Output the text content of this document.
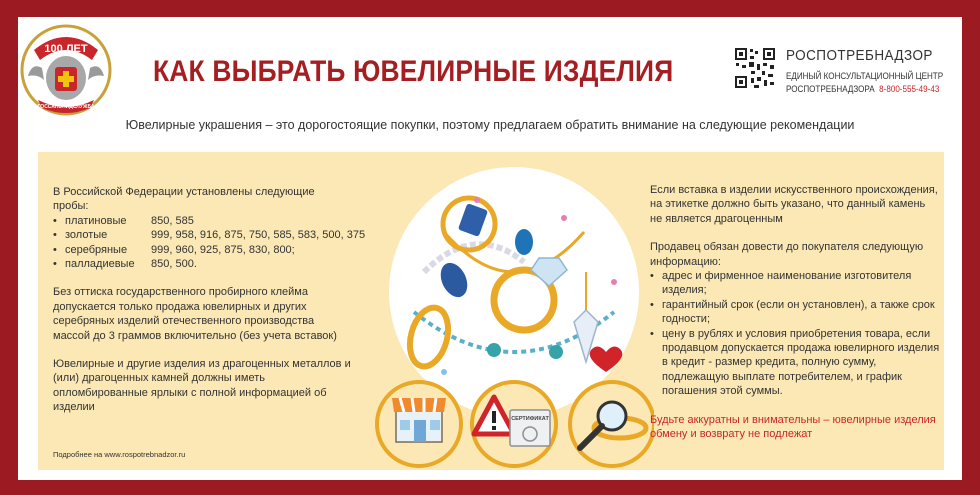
100 ЛЕТ
ГОССАНЭПИДСЛУЖБА
КАК ВЫБРАТЬ ЮВЕЛИРНЫЕ ИЗДЕЛИЯ	РОСПОТРЕБНАДЗОР
ЕДИНЫЙ КОНСУЛЬТАЦИОННЫЙ ЦЕНТР
РОСПОТРЕБНАДЗОРА 8-800-555-49-43
Ювелирные украшения – это дорогостоящие покупки, поэтому предлагаем обратить внимание на следующие рекомендации

В Российской Федерации установлены следующие пробы:

• платиновые 850, 585
• золотые	999, 958, 916, 875, 750, 585, 583, 500, 375
• серебряные 999, 960, 925, 875, 830, 800;
• палладиевые 850, 500.

Без оттиска государственного пробирного клейма допускается только продажа ювелирных и других серебряных изделий отечественного производства массой до 3 граммов включительно (без учета вставок)

Ювелирные и другие изделия из драгоценных металлов и (или) драгоценных камней должны иметь опломбированные ярлыки с полной информацией об изделии

Подробнее на www.rospotrebnadzor.ru
СЕРТИФИКАТ

Если вставка в изделии искусственного происхождения, на этикетке должно быть указано, что данный камень не является драгоценным

Продавец обязан довести до покупателя следующую информацию:

• адрес и фирменное наименование изготовителя изделия;
• гарантийный срок (если он установлен), а также срок годности;
• цену в рублях и условия приобретения товара, если продавцом допускается продажа ювелирного изделия в кредит - размер кредита, полную сумму, подлежащую выплате потребителем, и график погашения этой суммы.

Будьте аккуратны и внимательны – ювелирные изделия обмену и возврату не подлежат
